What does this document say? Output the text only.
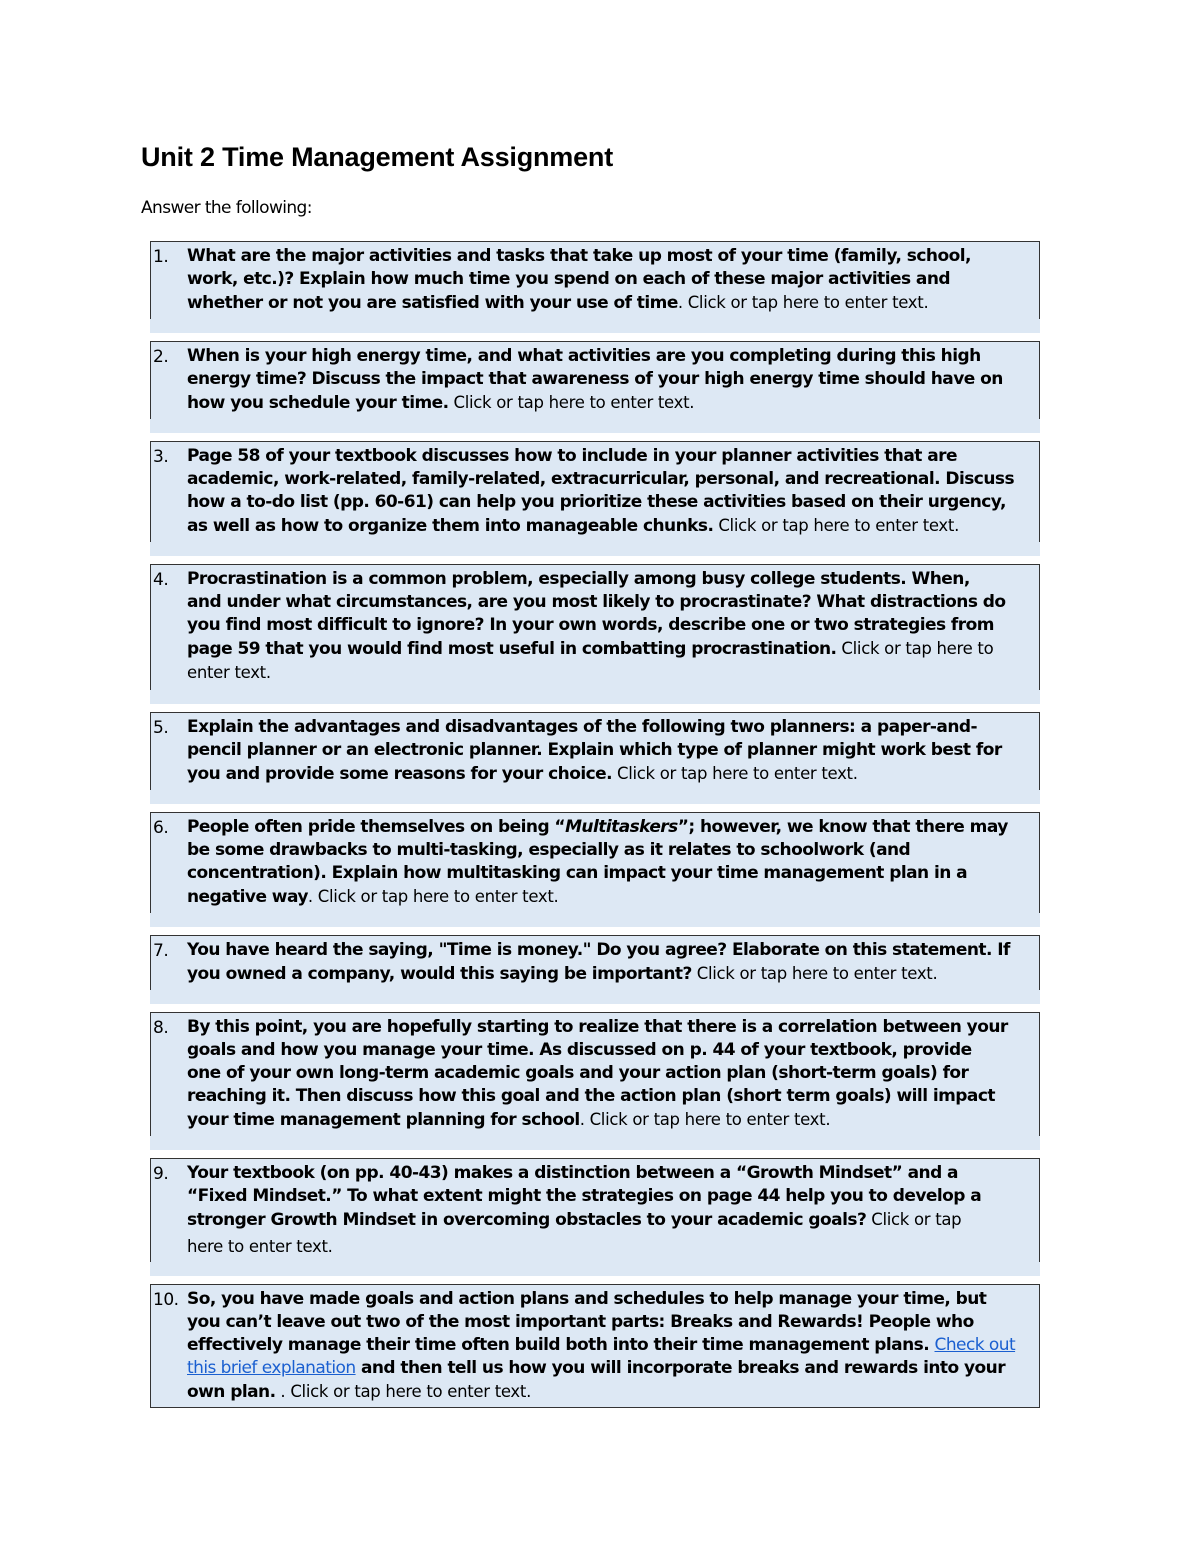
Unit 2 Time Management Assignment

Answer the following:

1. What are the major activities and tasks that take up most of your time (family, school,
work, etc.)? Explain how much time you spend on each of these major activities and
whether or not you are satisfied with your use of time. Click or tap here to enter text.
2. When is your high energy time, and what activities are you completing during this high
energy time? Discuss the impact that awareness of your high energy time should have on
how you schedule your time. Click or tap here to enter text.
3. Page 58 of your textbook discusses how to include in your planner activities that are
academic, work-related, family-related, extracurricular, personal, and recreational. Discuss
how a to-do list (pp. 60-61) can help you prioritize these activities based on their urgency,
as well as how to organize them into manageable chunks. Click or tap here to enter text.
4. Procrastination is a common problem, especially among busy college students. When,
and under what circumstances, are you most likely to procrastinate? What distractions do
you find most difficult to ignore? In your own words, describe one or two strategies from
page 59 that you would find most useful in combatting procrastination. Click or tap here to
enter text.
5. Explain the advantages and disadvantages of the following two planners: a paper-and-
pencil planner or an electronic planner. Explain which type of planner might work best for
you and provide some reasons for your choice. Click or tap here to enter text.
6. People often pride themselves on being “Multitaskers”; however, we know that there may
be some drawbacks to multi-tasking, especially as it relates to schoolwork (and
concentration). Explain how multitasking can impact your time management plan in a
negative way. Click or tap here to enter text.
7. You have heard the saying, "Time is money." Do you agree? Elaborate on this statement. If
you owned a company, would this saying be important? Click or tap here to enter text.
8. By this point, you are hopefully starting to realize that there is a correlation between your
goals and how you manage your time. As discussed on p. 44 of your textbook, provide
one of your own long-term academic goals and your action plan (short-term goals) for
reaching it. Then discuss how this goal and the action plan (short term goals) will impact
your time management planning for school. Click or tap here to enter text.
9. Your textbook (on pp. 40-43) makes a distinction between a “Growth Mindset” and a
“Fixed Mindset.” To what extent might the strategies on page 44 help you to develop a
stronger Growth Mindset in overcoming obstacles to your academic goals? Click or tap
here to enter text.
10. So, you have made goals and action plans and schedules to help manage your time, but
you can’t leave out two of the most important parts: Breaks and Rewards! People who
effectively manage their time often build both into their time management plans. Check out
this brief explanation and then tell us how you will incorporate breaks and rewards into your
own plan. . Click or tap here to enter text.
